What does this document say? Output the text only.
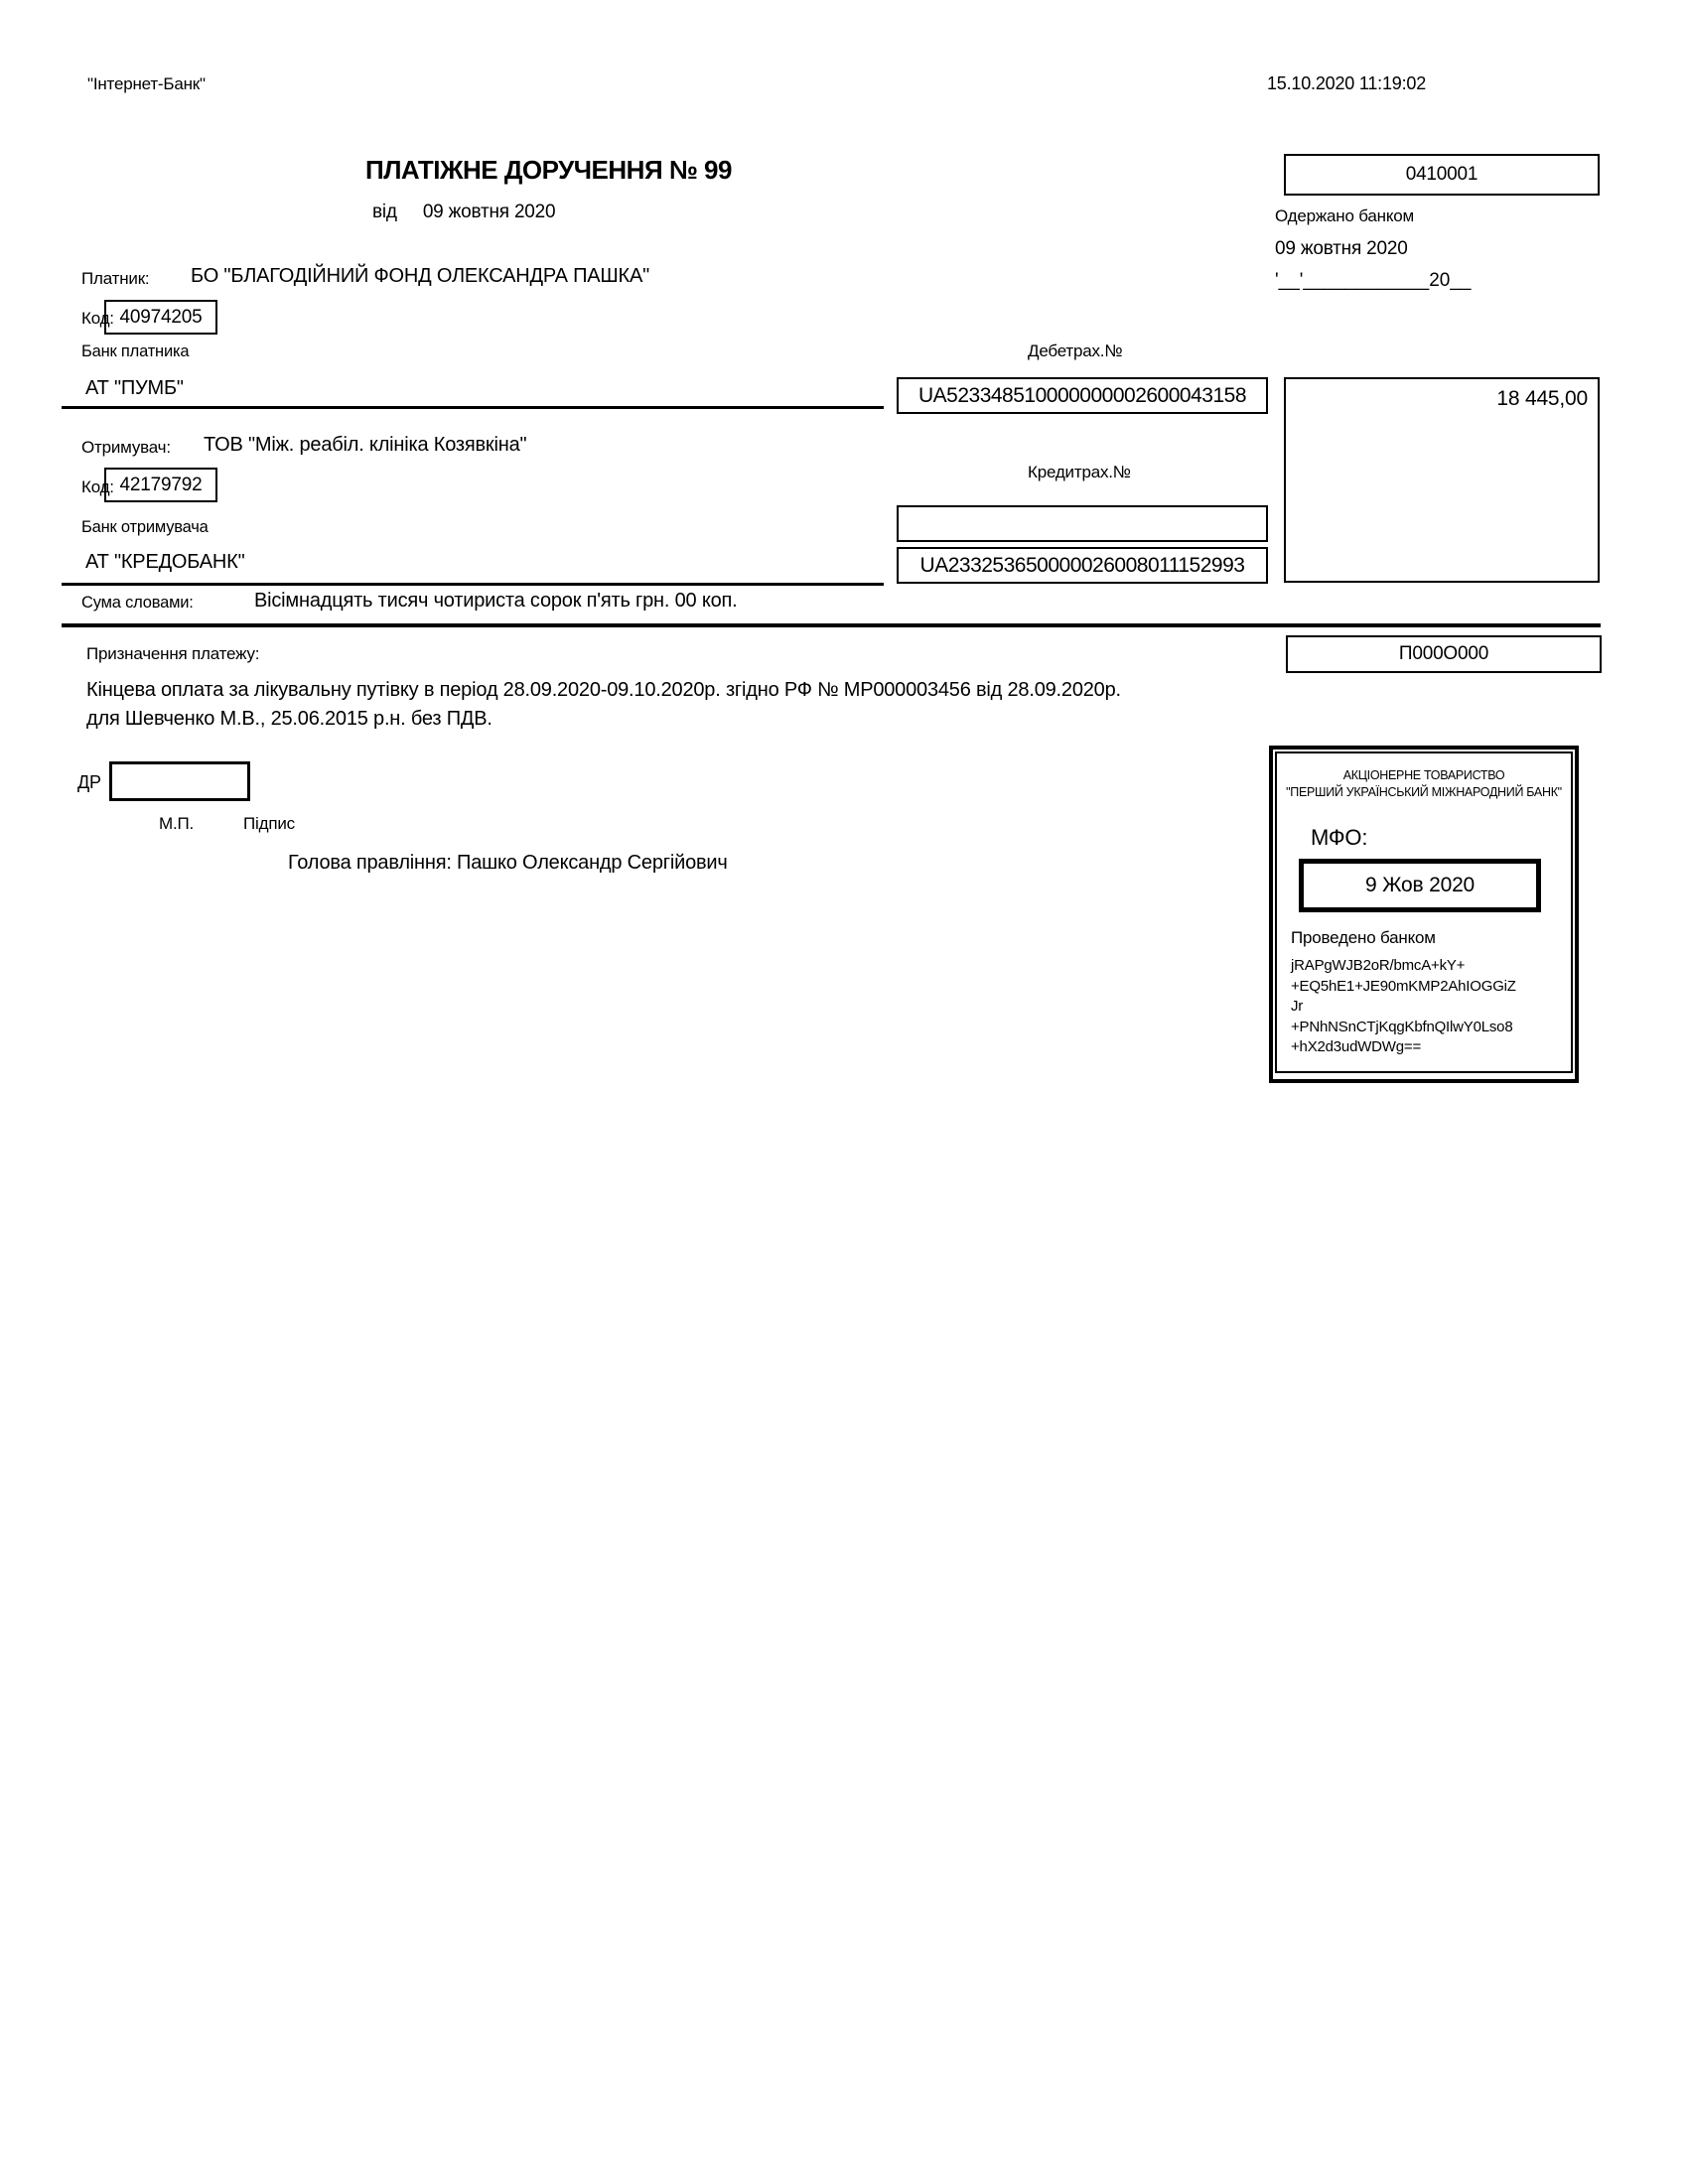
"Інтернет-Банк"	15.10.2020 11:19:02
ПЛАТІЖНЕ ДОРУЧЕННЯ № 99
від 09 жовтня 2020
0410001
Одержано банком
09 жовтня 2020
'__'____________20__
Платник: БО "БЛАГОДІЙНИЙ ФОНД ОЛЕКСАНДРА ПАШКА"
Код: 40974205
Банк платника
АТ "ПУМБ"
Дебетрах.№
UA523348510000000002600043158	18 445,00
Отримувач: ТОВ "Між. реабіл. клініка Козявкіна"
Код: 42179792
Банк отримувача
АТ "КРЕДОБАНК"
Кредитрах.№
UA233253650000026008011152993
Сума словами:	Вісімнадцять тисяч чотириста сорок п'ять грн. 00 коп.
Призначення платежу:	П000О000
Кінцева оплата за лікувальну путівку в період 28.09.2020-09.10.2020р. згідно РФ № МР000003456 від 28.09.2020р.
для Шевченко М.В., 25.06.2015 р.н. без ПДВ.
ДР
М.П.	Підпис
Голова правління: Пашко Олександр Сергійович
АКЦІОНЕРНЕ ТОВАРИСТВО
"ПЕРШИЙ УКРАЇНСЬКИЙ МІЖНАРОДНИЙ БАНК"
МФО:
9 Жов 2020
Проведено банком
jRAPgWJB2oR/bmcA+kY+
+EQ5hE1+JE90mKMP2AhIOGGiZ
Jr
+PNhNSnCTjKqgKbfnQIlwY0Lso8
+hX2d3udWDWg==
